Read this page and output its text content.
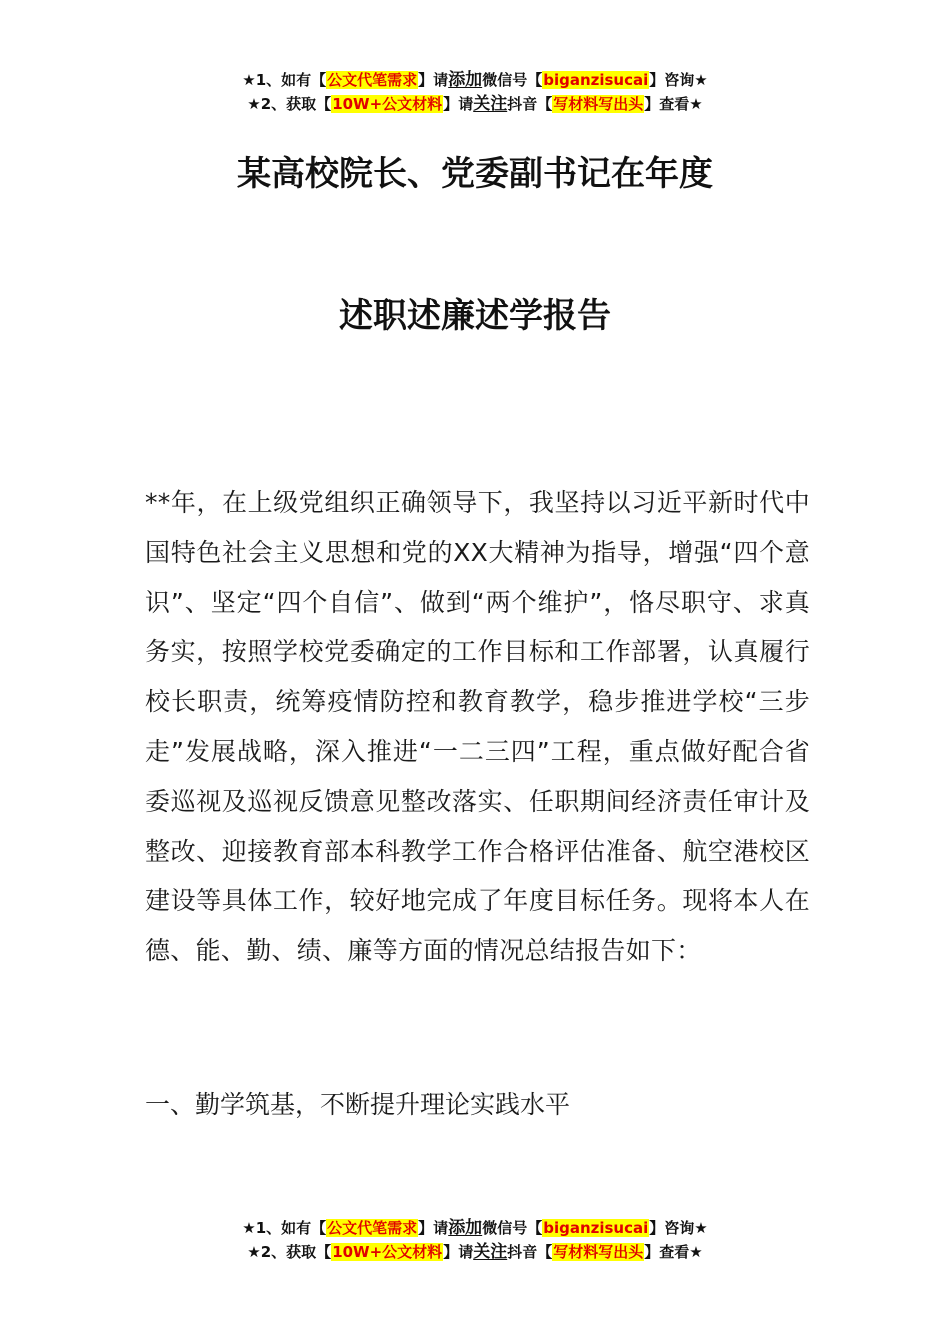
★1、如有【公文代笔需求】请添加微信号【biganzisucai】咨询★
★2、获取【10W+公文材料】请关注抖音【写材料写出头】查看★
某高校院长、党委副书记在年度
述职述廉述学报告

**年，在上级党组织正确领导下，我坚持以习近平新时代中国特色社会主义思想和党的XX大精神为指导，增强“四个意识”、坚定“四个自信”、做到“两个维护”，恪尽职守、求真务实，按照学校党委确定的工作目标和工作部署，认真履行校长职责，统筹疫情防控和教育教学，稳步推进学校“三步走”发展战略，深入推进“一二三四”工程，重点做好配合省委巡视及巡视反馈意见整改落实、任职期间经济责任审计及整改、迎接教育部本科教学工作合格评估准备、航空港校区建设等具体工作，较好地完成了年度目标任务。现将本人在德、能、勤、绩、廉等方面的情况总结报告如下：

一、勤学筑基，不断提升理论实践水平

★1、如有【公文代笔需求】请添加微信号【biganzisucai】咨询★
★2、获取【10W+公文材料】请关注抖音【写材料写出头】查看★
